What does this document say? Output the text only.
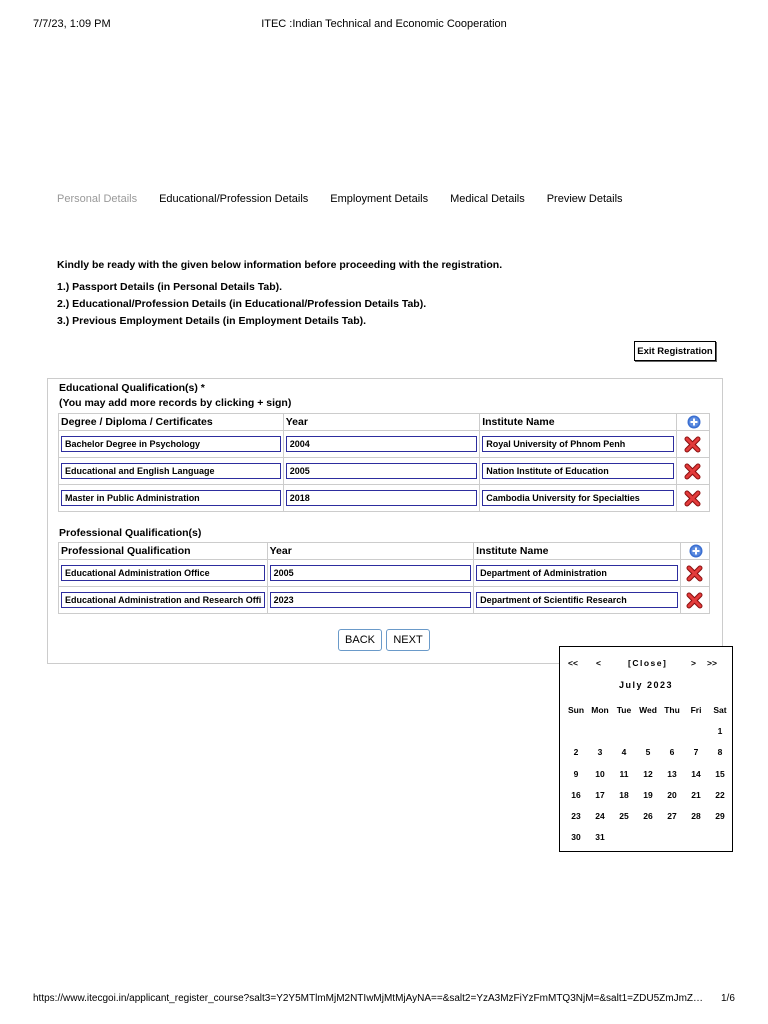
7/7/23, 1:09 PM	ITEC :Indian Technical and Economic Cooperation
Personal Details Educational/Profession Details Employment Details Medical Details Preview Details
Kindly be ready with the given below information before proceeding with the registration.
1.) Passport Details (in Personal Details Tab).
2.) Educational/Profession Details (in Educational/Profession Details Tab).
3.) Previous Employment Details (in Employment Details Tab).
Exit Registration
Educational Qualification(s) *
(You may add more records by clicking + sign)
Degree / Diploma / Certificates	Year	Institute Name	

Bachelor Degree in Psychology	2004	Royal University of Phnom Penh

Educational and English Language	2005	Nation Institute of Education

Master in Public Administration	2018	Cambodia University for Specialties

Professional Qualification(s)
Professional Qualification	Year	Institute Name	

Educational Administration Office	2005	Department of Administration

Educational Administration and Research Offi	2023	Department of Scientific Research

BACK	NEXT
<< <	[Close]	> >>
July 2023
Sun	Mon	Tue	Wed	Thu	Fri	Sat
						1
2	3	4	5	6	7	8
9	10	11	12	13	14	15
16	17	18	19	20	21	22
23	24	25	26	27	28	29
30	31					
https://www.itecgoi.in/applicant_register_course?salt3=Y2Y5MTlmMjM2NTIwMjMtMjAyNA==&salt2=YzA3MzFiYzFmMTQ3NjM=&salt1=ZDU5ZmJmZ… 1/6
